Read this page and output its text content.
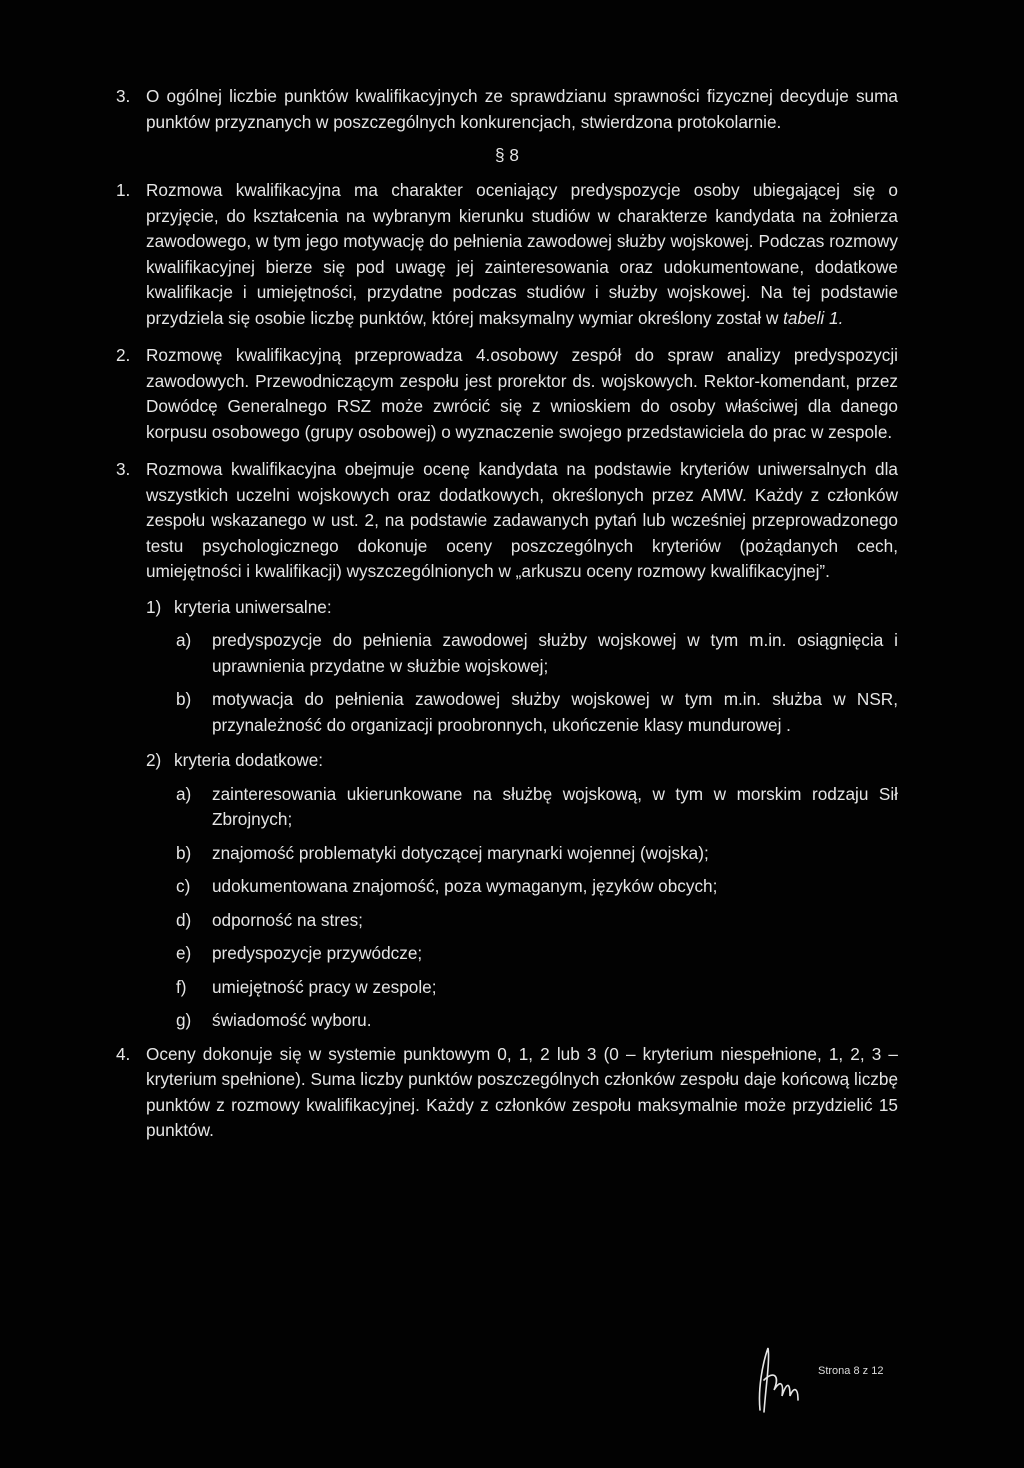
3. O ogólnej liczbie punktów kwalifikacyjnych ze sprawdzianu sprawności fizycznej decyduje suma punktów przyznanych w poszczególnych konkurencjach, stwierdzona protokolarnie.
§ 8
1. Rozmowa kwalifikacyjna ma charakter oceniający predyspozycje osoby ubiegającej się o przyjęcie, do kształcenia na wybranym kierunku studiów w charakterze kandydata na żołnierza zawodowego, w tym jego motywację do pełnienia zawodowej służby wojskowej. Podczas rozmowy kwalifikacyjnej bierze się pod uwagę jej zainteresowania oraz udokumentowane, dodatkowe kwalifikacje i umiejętności, przydatne podczas studiów i służby wojskowej. Na tej podstawie przydziela się osobie liczbę punktów, której maksymalny wymiar określony został w tabeli 1.
2. Rozmowę kwalifikacyjną przeprowadza 4.osobowy zespół do spraw analizy predyspozycji zawodowych. Przewodniczącym zespołu jest prorektor ds. wojskowych. Rektor-komendant, przez Dowódcę Generalnego RSZ może zwrócić się z wnioskiem do osoby właściwej dla danego korpusu osobowego (grupy osobowej) o wyznaczenie swojego przedstawiciela do prac w zespole.
3. Rozmowa kwalifikacyjna obejmuje ocenę kandydata na podstawie kryteriów uniwersalnych dla wszystkich uczelni wojskowych oraz dodatkowych, określonych przez AMW. Każdy z członków zespołu wskazanego w ust. 2, na podstawie zadawanych pytań lub wcześniej przeprowadzonego testu psychologicznego dokonuje oceny poszczególnych kryteriów (pożądanych cech, umiejętności i kwalifikacji) wyszczególnionych w „arkuszu oceny rozmowy kwalifikacyjnej”.
1) kryteria uniwersalne:
a) predyspozycje do pełnienia zawodowej służby wojskowej w tym m.in. osiągnięcia i uprawnienia przydatne w służbie wojskowej;
b) motywacja do pełnienia zawodowej służby wojskowej w tym m.in. służba w NSR, przynależność do organizacji proobronnych, ukończenie klasy mundurowej .
2) kryteria dodatkowe:
a) zainteresowania ukierunkowane na służbę wojskową, w tym w morskim rodzaju Sił Zbrojnych;
b) znajomość problematyki dotyczącej marynarki wojennej (wojska);
c) udokumentowana znajomość, poza wymaganym, języków obcych;
d) odporność na stres;
e) predyspozycje przywódcze;
f) umiejętność pracy w zespole;
g) świadomość wyboru.
4. Oceny dokonuje się w systemie punktowym 0, 1, 2 lub 3 (0 – kryterium niespełnione, 1, 2, 3 – kryterium spełnione). Suma liczby punktów poszczególnych członków zespołu daje końcową liczbę punktów z rozmowy kwalifikacyjnej. Każdy z członków zespołu maksymalnie może przydzielić 15 punktów.
Strona 8 z 12
